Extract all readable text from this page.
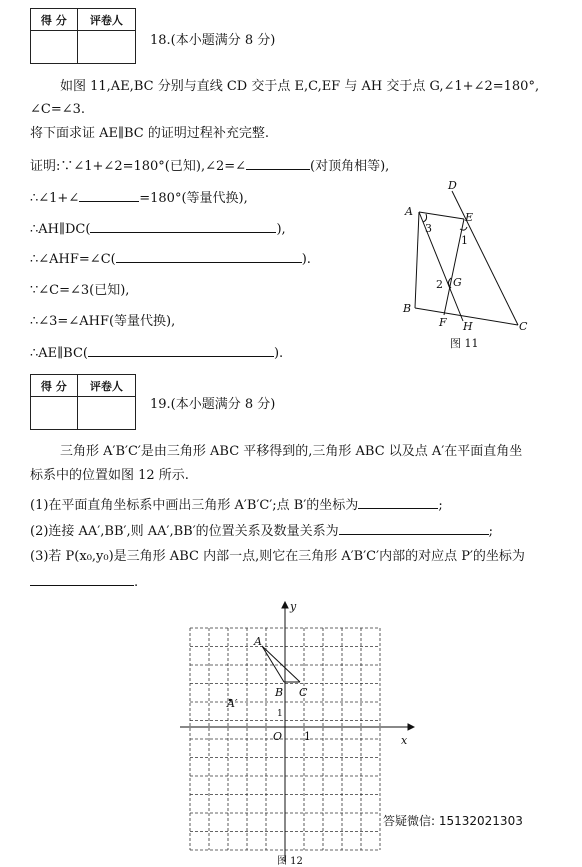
得 分	评卷人

18.(本小题满分 8 分)
如图 11,AE,BC 分别与直线 CD 交于点 E,C,EF 与 AH 交于点 G,∠1+∠2=180°,
∠C=∠3.
将下面求证 AE∥BC 的证明过程补充完整.
证明:∵∠1+∠2=180°(已知),∠2=∠	(对顶角相等),
∴∠1+∠	=180°(等量代换),
∴AH∥DC(	),
∴∠AHF=∠C(	).
∵∠C=∠3(已知),
∴∠3=∠AHF(等量代换),
∴AE∥BC(	).
A
B
C
D
E
F
G
H
1
2
3
图 11
得 分	评卷人

19.(本小题满分 8 分)
三角形 A′B′C′是由三角形 ABC 平移得到的,三角形 ABC 以及点 A′在平面直角坐
标系中的位置如图 12 所示.
(1)在平面直角坐标系中画出三角形 A′B′C′;点 B′的坐标为	;
(2)连接 AA′,BB′,则 AA′,BB′的位置关系及数量关系为	;
(3)若 P(x₀,y₀)是三角形 ABC 内部一点,则它在三角形 A′B′C′内部的对应点 P′的坐标为
.
A
B C
A′
O	x
y
1
1
图 12
答疑微信: 15132021303
